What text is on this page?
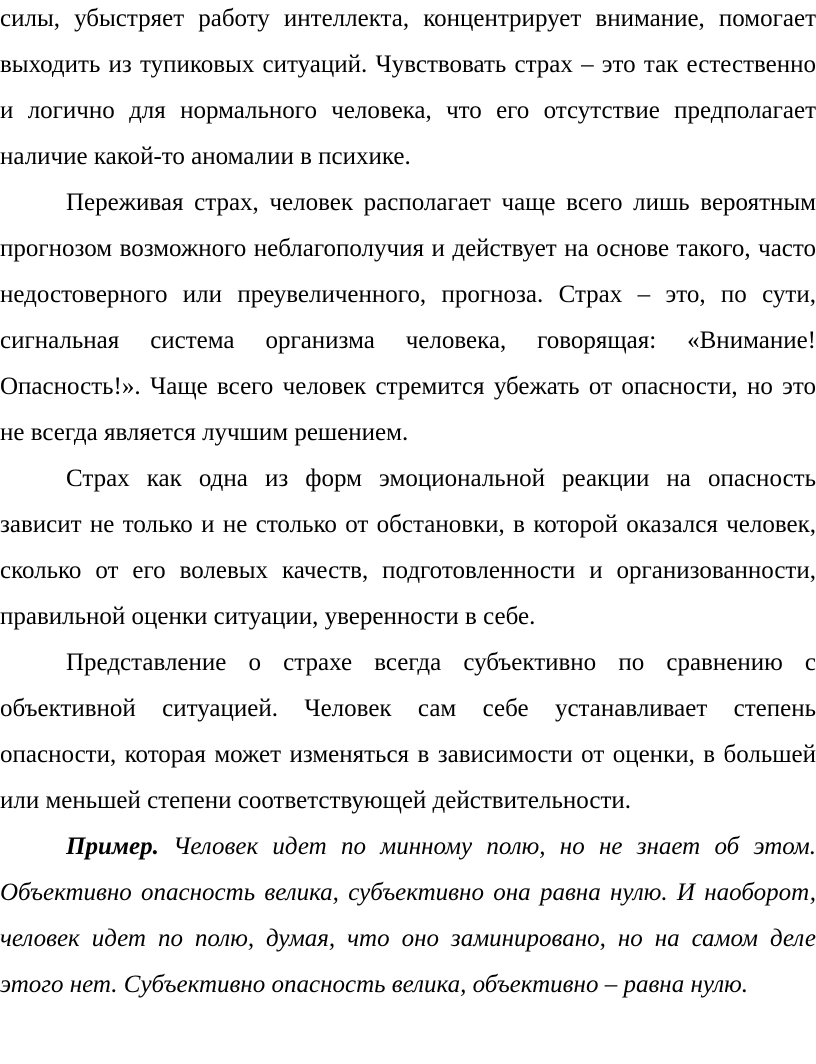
силы, убыстряет работу интеллекта, концентрирует внимание, помогает выходить из тупиковых ситуаций. Чувствовать страх – это так естественно и логично для нормального человека, что его отсутствие предполагает наличие какой-то аномалии в психике.

Переживая страх, человек располагает чаще всего лишь вероятным прогнозом возможного неблагополучия и действует на основе такого, часто недостоверного или преувеличенного, прогноза. Страх – это, по сути, сигнальная система организма человека, говорящая: «Внимание! Опасность!». Чаще всего человек стремится убежать от опасности, но это не всегда является лучшим решением.

Страх как одна из форм эмоциональной реакции на опасность зависит не только и не столько от обстановки, в которой оказался человек, сколько от его волевых качеств, подготовленности и организованности, правильной оценки ситуации, уверенности в себе.

Представление о страхе всегда субъективно по сравнению с объективной ситуацией. Человек сам себе устанавливает степень опасности, которая может изменяться в зависимости от оценки, в большей или меньшей степени соответствующей действительности.

Пример. Человек идет по минному полю, но не знает об этом. Объективно опасность велика, субъективно она равна нулю. И наоборот, человек идет по полю, думая, что оно заминировано, но на самом деле этого нет. Субъективно опасность велика, объективно – равна нулю.
